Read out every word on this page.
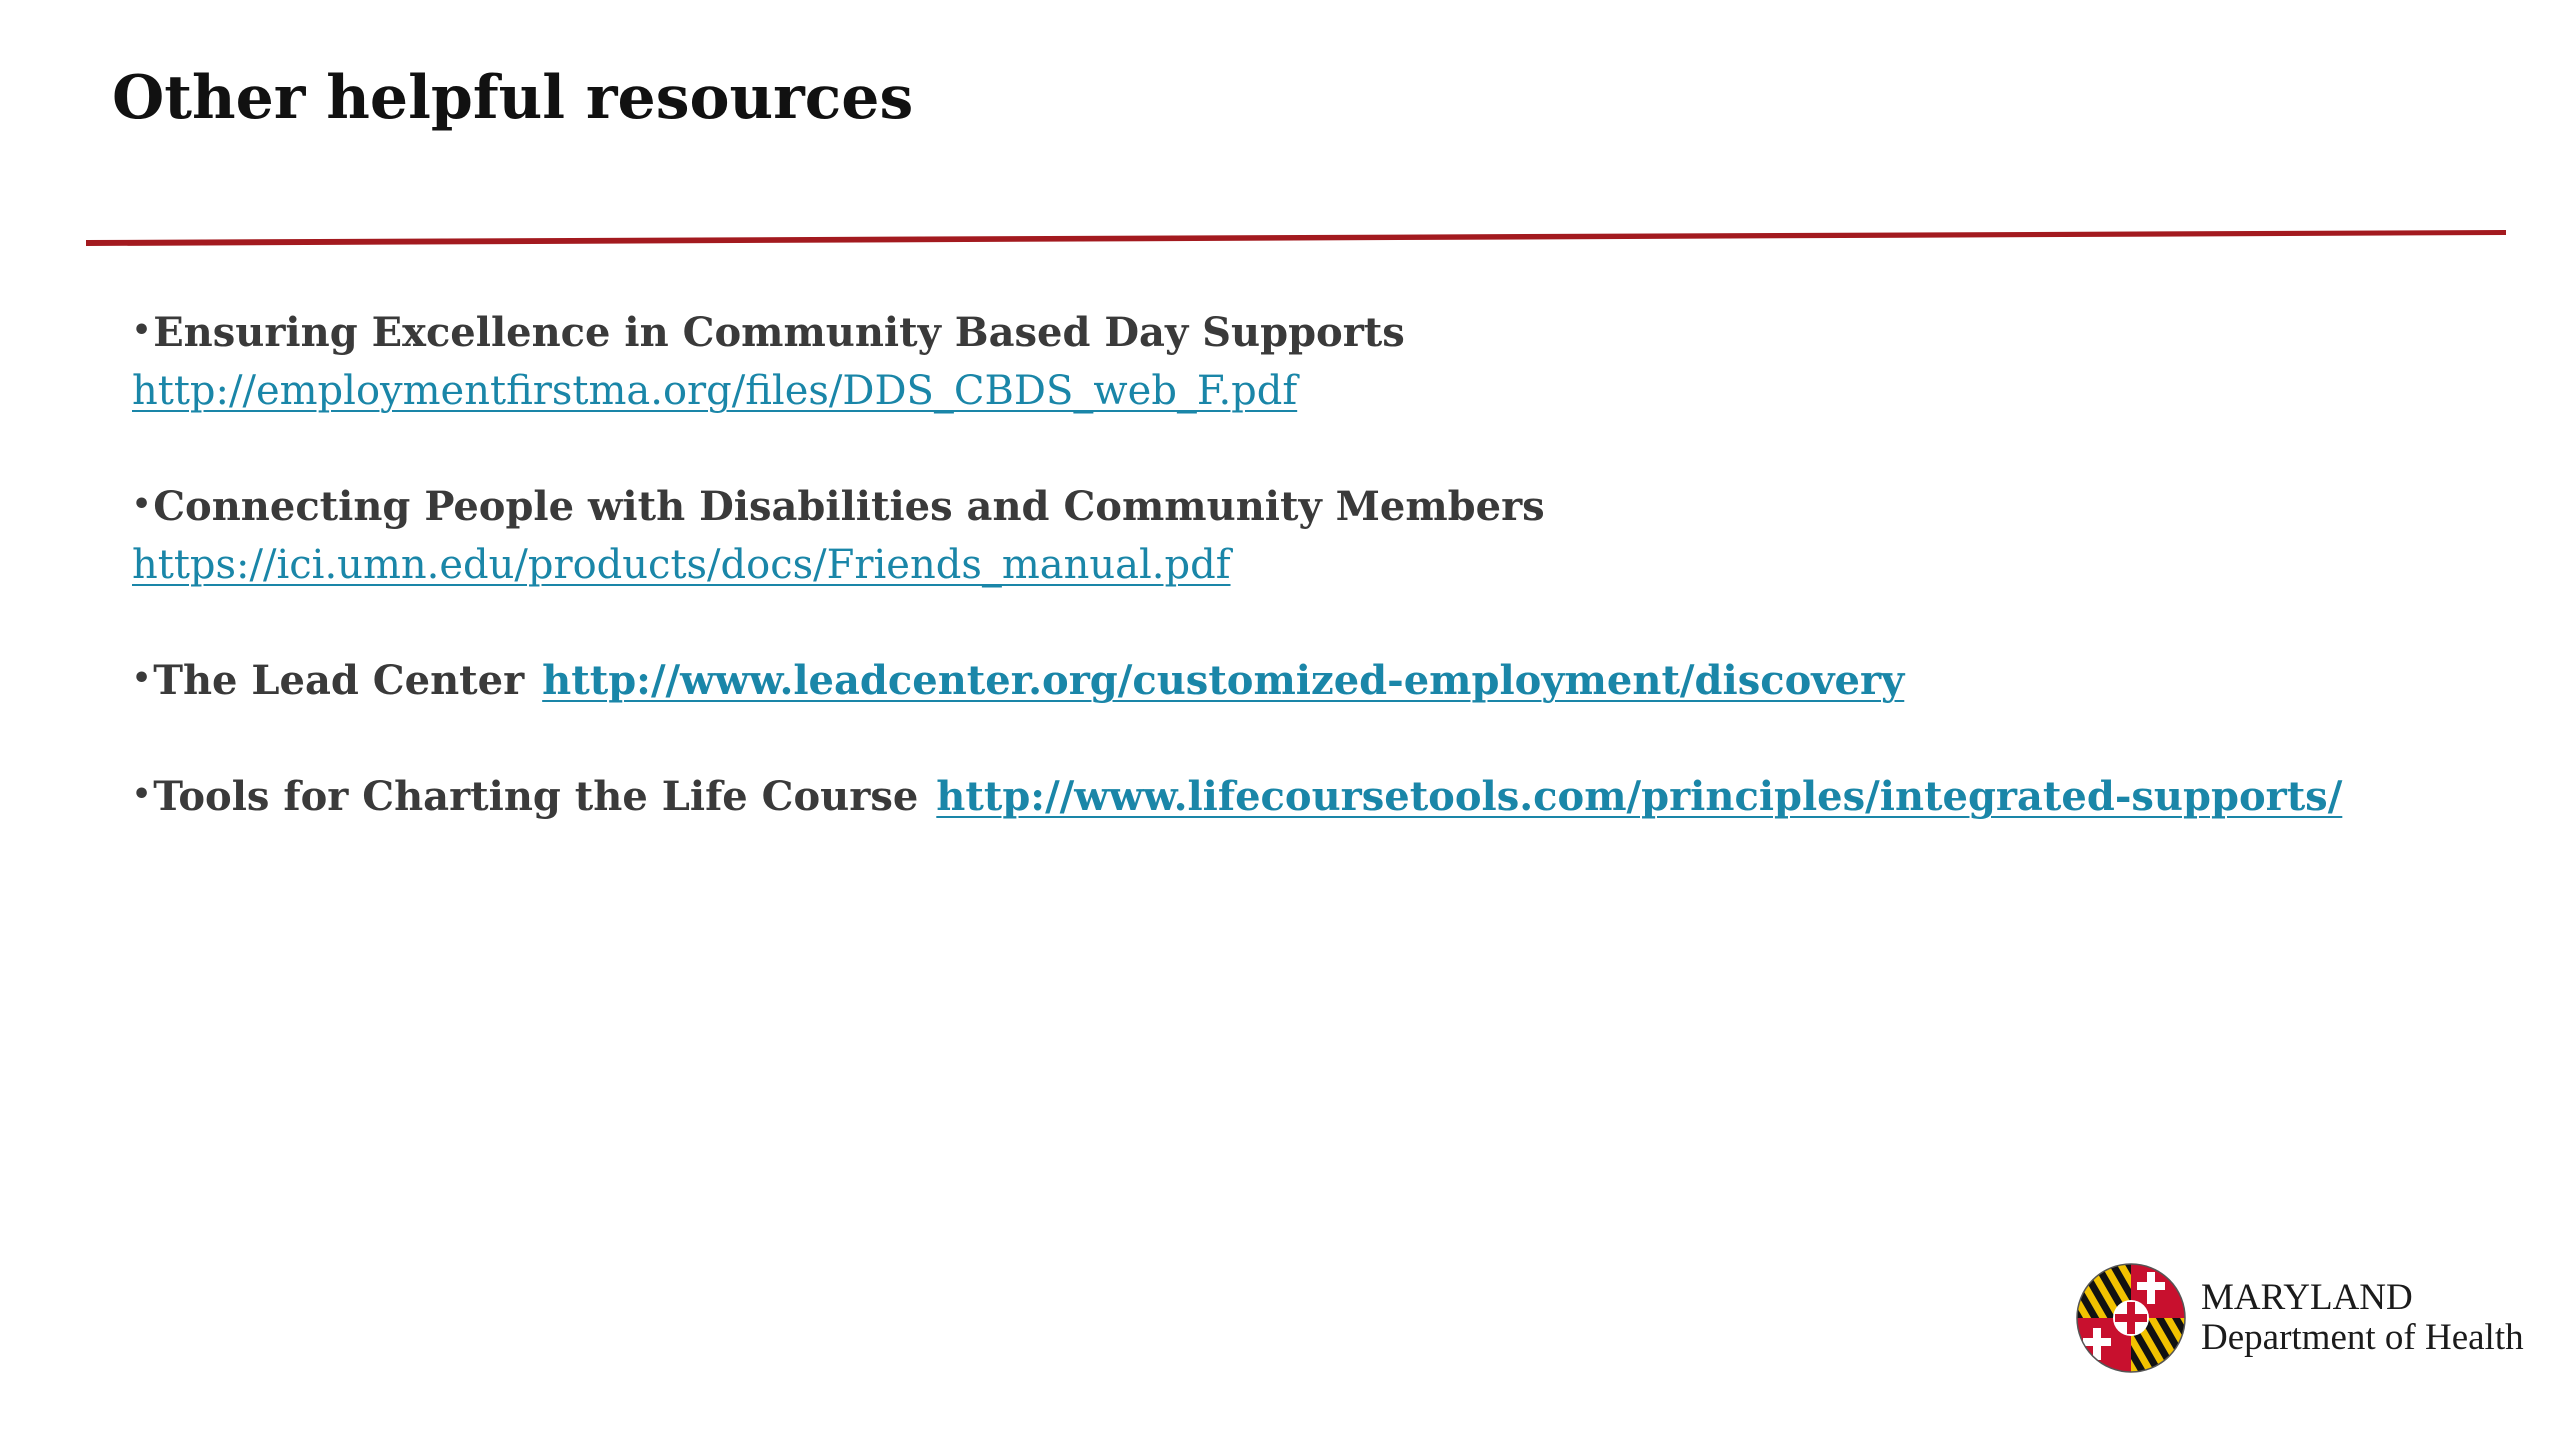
Other helpful resources
•Ensuring Excellence in Community Based Day Supports
http://employmentfirstma.org/files/DDS_CBDS_web_F.pdf
•Connecting People with Disabilities and Community Members
https://ici.umn.edu/products/docs/Friends_manual.pdf
•The Lead Center http://www.leadcenter.org/customized-employment/discovery
•Tools for Charting the Life Course http://www.lifecoursetools.com/principles/integrated-supports/
MARYLAND
Department of Health
